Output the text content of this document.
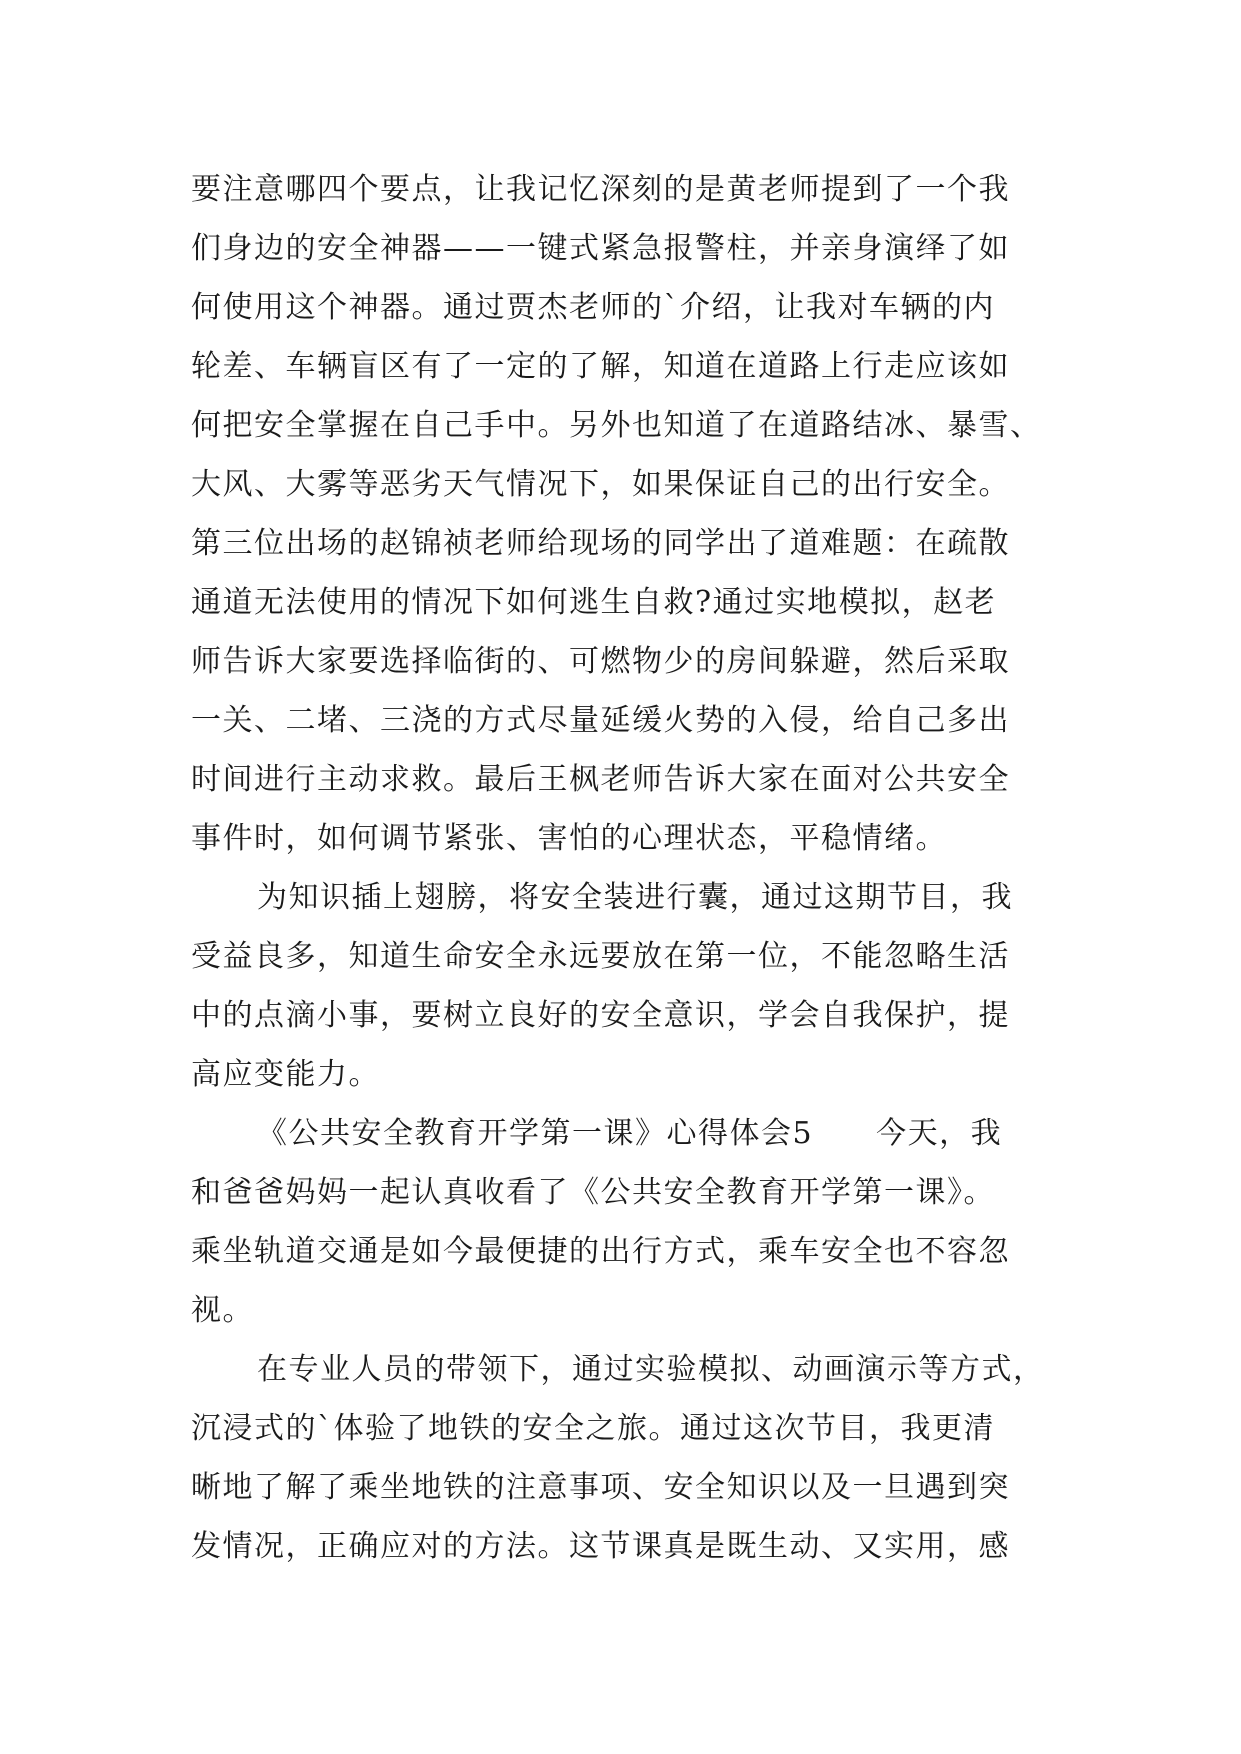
要注意哪四个要点，让我记忆深刻的是黄老师提到了一个我
们身边的安全神器——一键式紧急报警柱，并亲身演绎了如
何使用这个神器。通过贾杰老师的`介绍，让我对车辆的内
轮差、车辆盲区有了一定的了解，知道在道路上行走应该如
何把安全掌握在自己手中。另外也知道了在道路结冰、暴雪、
大风、大雾等恶劣天气情况下，如果保证自己的出行安全。
第三位出场的赵锦祯老师给现场的同学出了道难题：在疏散
通道无法使用的情况下如何逃生自救?通过实地模拟，赵老
师告诉大家要选择临街的、可燃物少的房间躲避，然后采取
一关、二堵、三浇的方式尽量延缓火势的入侵，给自己多出
时间进行主动求救。最后王枫老师告诉大家在面对公共安全
事件时，如何调节紧张、害怕的心理状态，平稳情绪。
为知识插上翅膀，将安全装进行囊，通过这期节目，我
受益良多，知道生命安全永远要放在第一位，不能忽略生活
中的点滴小事，要树立良好的安全意识，学会自我保护，提
高应变能力。
《公共安全教育开学第一课》心得体会5　　今天，我
和爸爸妈妈一起认真收看了《公共安全教育开学第一课》。
乘坐轨道交通是如今最便捷的出行方式，乘车安全也不容忽
视。
在专业人员的带领下，通过实验模拟、动画演示等方式，
沉浸式的`体验了地铁的安全之旅。通过这次节目，我更清
晰地了解了乘坐地铁的注意事项、安全知识以及一旦遇到突
发情况，正确应对的方法。这节课真是既生动、又实用，感
